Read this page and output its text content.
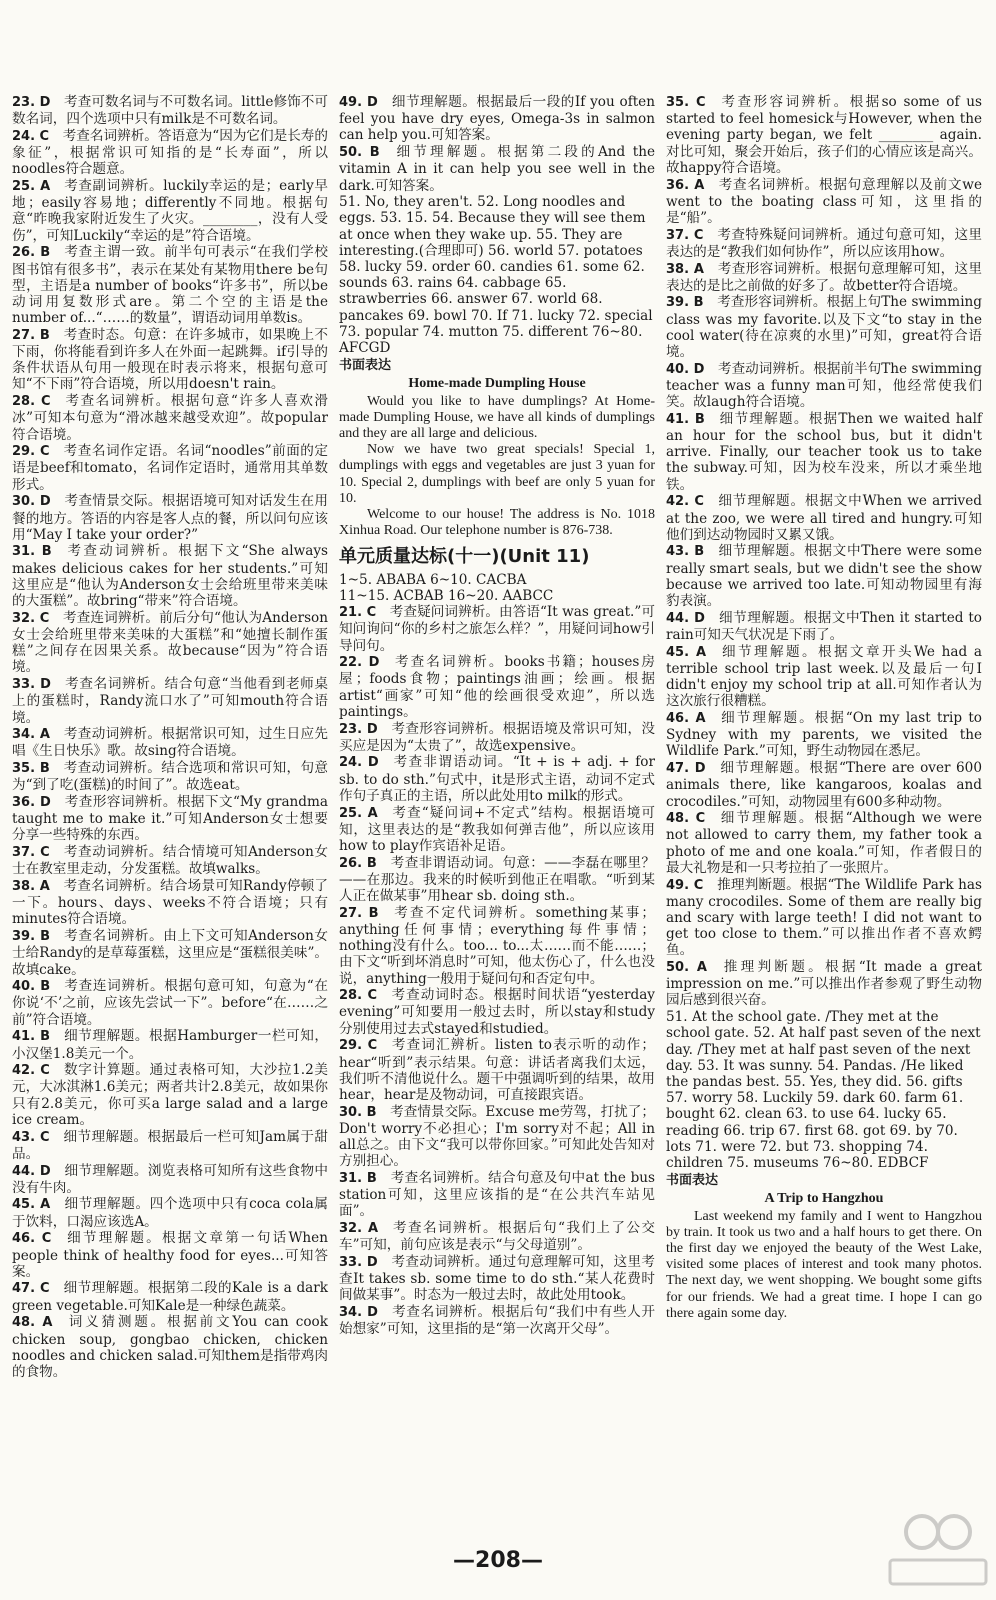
23. D  考查可数名词与不可数名词。little修饰不可数名词，四个选项中只有milk是不可数名词。

24. C  考查名词辨析。答语意为“因为它们是长寿的象征”，根据常识可知指的是“长寿面”，所以noodles符合题意。

25. A  考查副词辨析。luckily幸运的是；early早地；easily容易地；differently不同地。根据句意“昨晚我家附近发生了火灾。________，没有人受伤”，可知Luckily“幸运的是”符合语境。

26. B  考查主谓一致。前半句可表示“在我们学校图书馆有很多书”，表示在某处有某物用there be句型，主语是a number of books“许多书”，所以be动词用复数形式are。第二个空的主语是the number of...“……的数量”，谓语动词用单数is。

27. B  考查时态。句意：在许多城市，如果晚上不下雨，你将能看到许多人在外面一起跳舞。if引导的条件状语从句用一般现在时表示将来，根据句意可知“不下雨”符合语境，所以用doesn't rain。

28. C  考查名词辨析。根据句意“许多人喜欢滑冰”可知本句意为“滑冰越来越受欢迎”。故popular符合语境。

29. C  考查名词作定语。名词“noodles”前面的定语是beef和tomato，名词作定语时，通常用其单数形式。

30. D  考查情景交际。根据语境可知对话发生在用餐的地方。答语的内容是客人点的餐，所以问句应该用“May I take your order?”

31. B  考查动词辨析。根据下文“She always makes delicious cakes for her students.”可知这里应是“他认为Anderson女士会给班里带来美味的大蛋糕”。故bring“带来”符合语境。

32. C  考查连词辨析。前后分句“他认为Anderson女士会给班里带来美味的大蛋糕”和“她擅长制作蛋糕”之间存在因果关系。故because“因为”符合语境。

33. D  考查名词辨析。结合句意“当他看到老师桌上的蛋糕时，Randy流口水了”可知mouth符合语境。

34. A  考查动词辨析。根据常识可知，过生日应先唱《生日快乐》歌。故sing符合语境。

35. B  考查动词辨析。结合选项和常识可知，句意为“到了吃(蛋糕)的时间了”。故选eat。

36. D  考查形容词辨析。根据下文“My grandma taught me to make it.”可知Anderson女士想要分享一些特殊的东西。

37. C  考查动词辨析。结合情境可知Anderson女士在教室里走动，分发蛋糕。故填walks。

38. A  考查名词辨析。结合场景可知Randy停顿了一下。hours、days、weeks不符合语境；只有minutes符合语境。

39. B  考查名词辨析。由上下文可知Anderson女士给Randy的是草莓蛋糕，这里应是“蛋糕很美味”。故填cake。

40. B  考查连词辨析。根据句意可知，句意为“在你说‘不’之前，应该先尝试一下”。before“在……之前”符合语境。

41. B  细节理解题。根据Hamburger一栏可知，小汉堡1.8美元一个。

42. C  数字计算题。通过表格可知，大沙拉1.2美元，大冰淇淋1.6美元；两者共计2.8美元，故如果你只有2.8美元，你可买a large salad and a large ice cream。

43. C  细节理解题。根据最后一栏可知Jam属于甜品。

44. D  细节理解题。浏览表格可知所有这些食物中没有牛肉。

45. A  细节理解题。四个选项中只有coca cola属于饮料，口渴应该选A。

46. C  细节理解题。根据文章第一句话When people think of healthy food for eyes...可知答案。

47. C  细节理解题。根据第二段的Kale is a dark green vegetable.可知Kale是一种绿色蔬菜。

48. A  词义猜测题。根据前文You can cook chicken soup, gongbao chicken, chicken noodles and chicken salad.可知them是指带鸡肉的食物。

49. D  细节理解题。根据最后一段的If you often feel you have dry eyes, Omega-3s in salmon can help you.可知答案。

50. B  细节理解题。根据第二段的And the vitamin A in it can help you see well in the dark.可知答案。

51. No, they aren't. 52. Long noodles and eggs. 53. 15. 54. Because they will see them at once when they wake up. 55. They are interesting.(合理即可) 56. world 57. potatoes 58. lucky 59. order 60. candies 61. some 62. sounds 63. rains 64. cabbage 65. strawberries 66. answer 67. world 68. pancakes 69. bowl 70. If 71. lucky 72. special 73. popular 74. mutton 75. different 76~80. AFCGD

书面表达
Home-made Dumpling House

Would you like to have dumplings? At Home-made Dumpling House, we have all kinds of dumplings and they are all large and delicious.

Now we have two great specials! Special 1, dumplings with eggs and vegetables are just 3 yuan for 10. Special 2, dumplings with beef are only 5 yuan for 10.

Welcome to our house! The address is No. 1018 Xinhua Road. Our telephone number is 876-738.

单元质量达标(十一)(Unit 11)

1~5. ABABA 6~10. CACBA

11~15. ACBAB 16~20. AABCC

21. C  考查疑问词辨析。由答语“It was great.”可知问询问“你的乡村之旅怎么样？”，用疑问词how引导问句。

22. D  考查名词辨析。books书籍；houses房屋；foods食物；paintings油画；绘画。根据artist“画家”可知“他的绘画很受欢迎”，所以选paintings。

23. D  考查形容词辨析。根据语境及常识可知，没买应是因为“太贵了”，故选expensive。

24. D  考查非谓语动词。“It + is + adj. + for sb. to do sth.”句式中，it是形式主语，动词不定式作句子真正的主语，所以此处用to milk的形式。

25. A  考查“疑问词+不定式”结构。根据语境可知，这里表达的是“教我如何弹吉他”，所以应该用how to play作宾语补足语。

26. B  考查非谓语动词。句意：——李磊在哪里？——在那边。我来的时候听到他正在唱歌。“听到某人正在做某事”用hear sb. doing sth.。

27. B  考查不定代词辨析。something某事；anything任何事情；everything每件事情；nothing没有什么。too... to...太……而不能……；由下文“听到坏消息时”可知，他太伤心了，什么也没说，anything一般用于疑问句和否定句中。

28. C  考查动词时态。根据时间状语“yesterday evening”可知要用一般过去时，所以stay和study分别使用过去式stayed和studied。

29. C  考查词汇辨析。listen to表示听的动作；hear“听到”表示结果。句意：讲话者离我们太远，我们听不清他说什么。题干中强调听到的结果，故用hear，hear是及物动词，可直接跟宾语。

30. B  考查情景交际。Excuse me劳驾，打扰了；Don't worry不必担心；I'm sorry对不起；All in all总之。由下文“我可以带你回家。”可知此处告知对方别担心。

31. B  考查名词辨析。结合句意及句中at the bus station可知，这里应该指的是“在公共汽车站见面”。

32. A  考查名词辨析。根据后句“我们上了公交车”可知，前句应该是表示“与父母道别”。

33. D  考查动词辨析。通过句意理解可知，这里考查It takes sb. some time to do sth.“某人花费时间做某事”。时态为一般过去时，故此处用took。

34. D  考查名词辨析。根据后句“我们中有些人开始想家”可知，这里指的是“第一次离开父母”。

35. C  考查形容词辨析。根据so some of us started to feel homesick与However, when the evening party began, we felt ________ again.对比可知，聚会开始后，孩子们的心情应该是高兴。故happy符合语境。

36. A  考查名词辨析。根据句意理解以及前文we went to the boating class可知，这里指的是“船”。

37. C  考查特殊疑问词辨析。通过句意可知，这里表达的是“教我们如何协作”，所以应该用how。

38. A  考查形容词辨析。根据句意理解可知，这里表达的是比之前做的好多了。故better符合语境。

39. B  考查形容词辨析。根据上句The swimming class was my favorite.以及下文“to stay in the cool water(待在凉爽的水里)”可知，great符合语境。

40. D  考查动词辨析。根据前半句The swimming teacher was a funny man可知，他经常使我们笑。故laugh符合语境。

41. B  细节理解题。根据Then we waited half an hour for the school bus, but it didn't arrive. Finally, our teacher took us to take the subway.可知，因为校车没来，所以才乘坐地铁。

42. C  细节理解题。根据文中When we arrived at the zoo, we were all tired and hungry.可知他们到达动物园时又累又饿。

43. B  细节理解题。根据文中There were some really smart seals, but we didn't see the show because we arrived too late.可知动物园里有海豹表演。

44. D  细节理解题。根据文中Then it started to rain可知天气状况是下雨了。

45. A  细节理解题。根据文章开头We had a terrible school trip last week.以及最后一句I didn't enjoy my school trip at all.可知作者认为这次旅行很糟糕。

46. A  细节理解题。根据“On my last trip to Sydney with my parents, we visited the Wildlife Park.”可知，野生动物园在悉尼。

47. D  细节理解题。根据“There are over 600 animals there, like kangaroos, koalas and crocodiles.”可知，动物园里有600多种动物。

48. C  细节理解题。根据“Although we were not allowed to carry them, my father took a photo of me and one koala.”可知，作者假日的最大礼物是和一只考拉拍了一张照片。

49. C  推理判断题。根据“The Wildlife Park has many crocodiles. Some of them are really big and scary with large teeth! I did not want to get too close to them.”可以推出作者不喜欢鳄鱼。

50. A  推理判断题。根据“It made a great impression on me.”可以推出作者参观了野生动物园后感到很兴奋。

51. At the school gate. /They met at the school gate. 52. At half past seven of the next day. /They met at half past seven of the next day. 53. It was sunny. 54. Pandas. /He liked the pandas best. 55. Yes, they did. 56. gifts 57. worry 58. Luckily 59. dark 60. farm 61. bought 62. clean 63. to use 64. lucky 65. reading 66. trip 67. first 68. got 69. by 70. lots 71. were 72. but 73. shopping 74. children 75. museums 76~80. EDBCF

书面表达
A Trip to Hangzhou

Last weekend my family and I went to Hangzhou by train. It took us two and a half hours to get there. On the first day we enjoyed the beauty of the West Lake, visited some places of interest and took many photos. The next day, we went shopping. We bought some gifts for our friends. We had a great time. I hope I can go there again some day.

—208—
